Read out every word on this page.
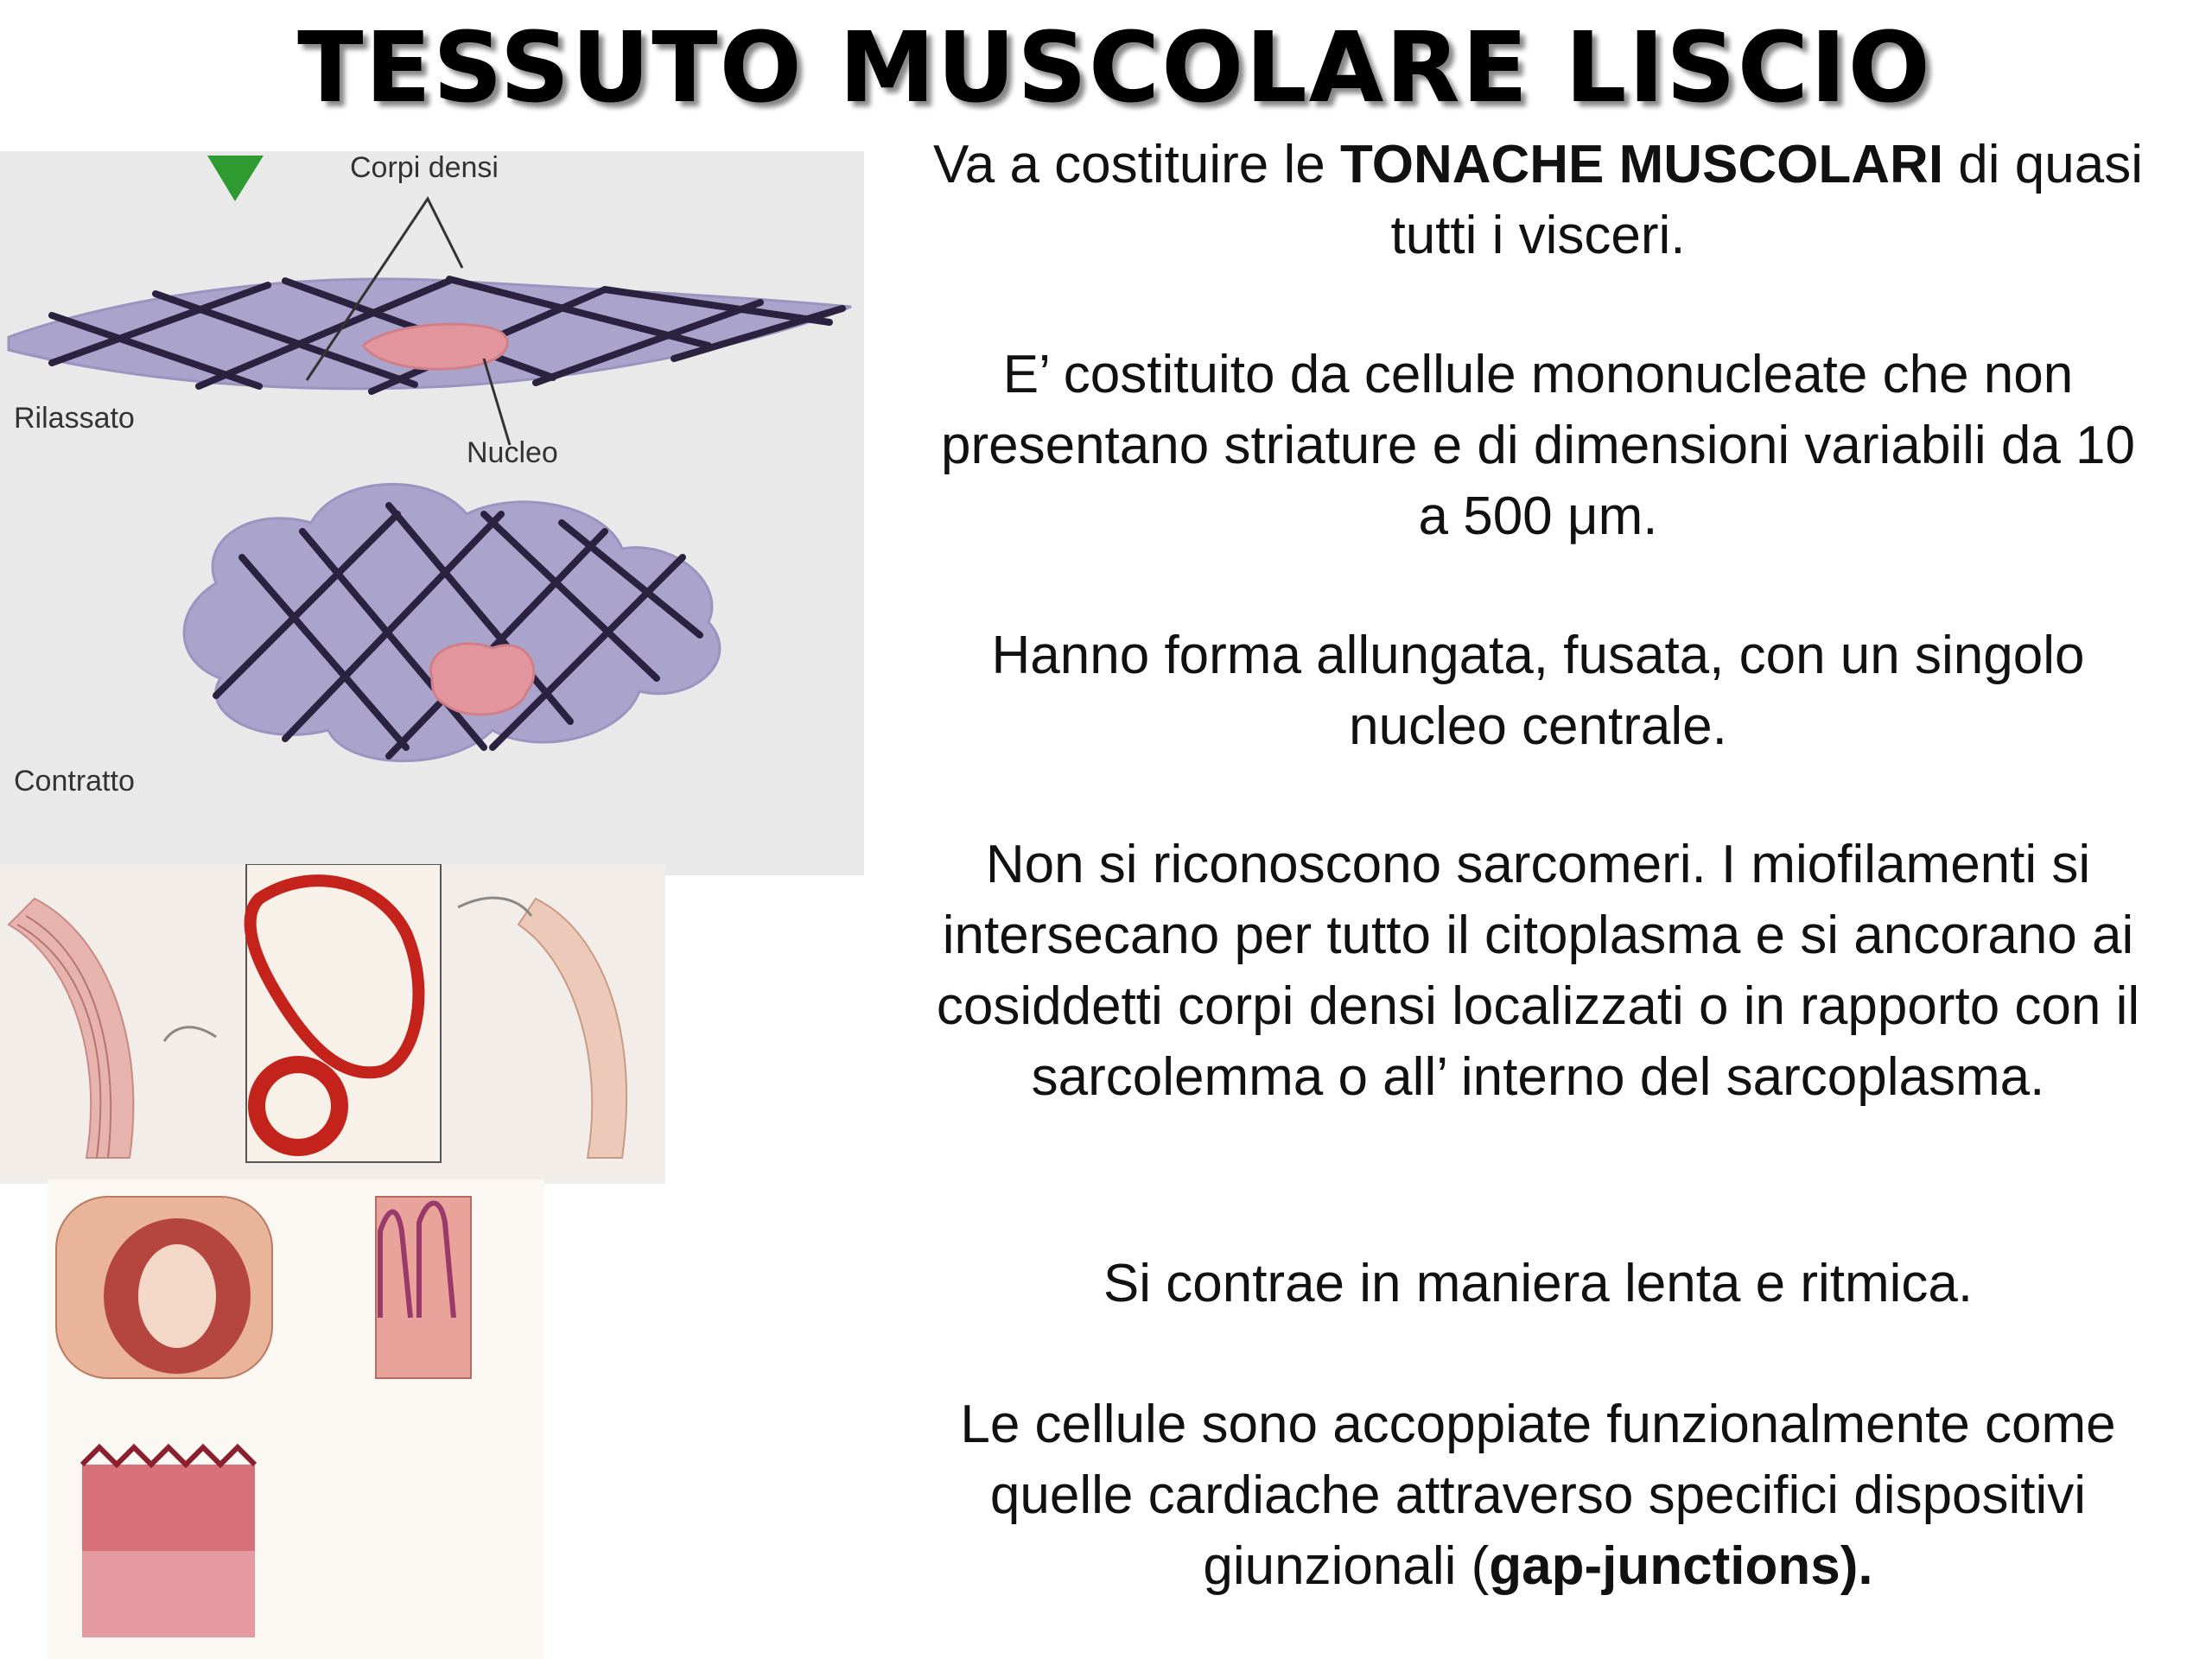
TESSUTO MUSCOLARE LISCIO
Corpi densi
Rilassato
Nucleo
Contratto
Va a costituire le TONACHE MUSCOLARI di quasi tutti i visceri.
E’ costituito da cellule mononucleate che non presentano striature e di dimensioni variabili da 10 a 500 μm.
Hanno forma allungata, fusata, con un singolo nucleo centrale.
Non si riconoscono sarcomeri. I miofilamenti si intersecano per tutto il citoplasma e si ancorano ai cosiddetti corpi densi localizzati o in rapporto con il sarcolemma o all’ interno del sarcoplasma.
Si contrae in maniera lenta e ritmica.
Le cellule sono accoppiate funzionalmente come quelle cardiache attraverso specifici dispositivi giunzionali (gap-junctions).
